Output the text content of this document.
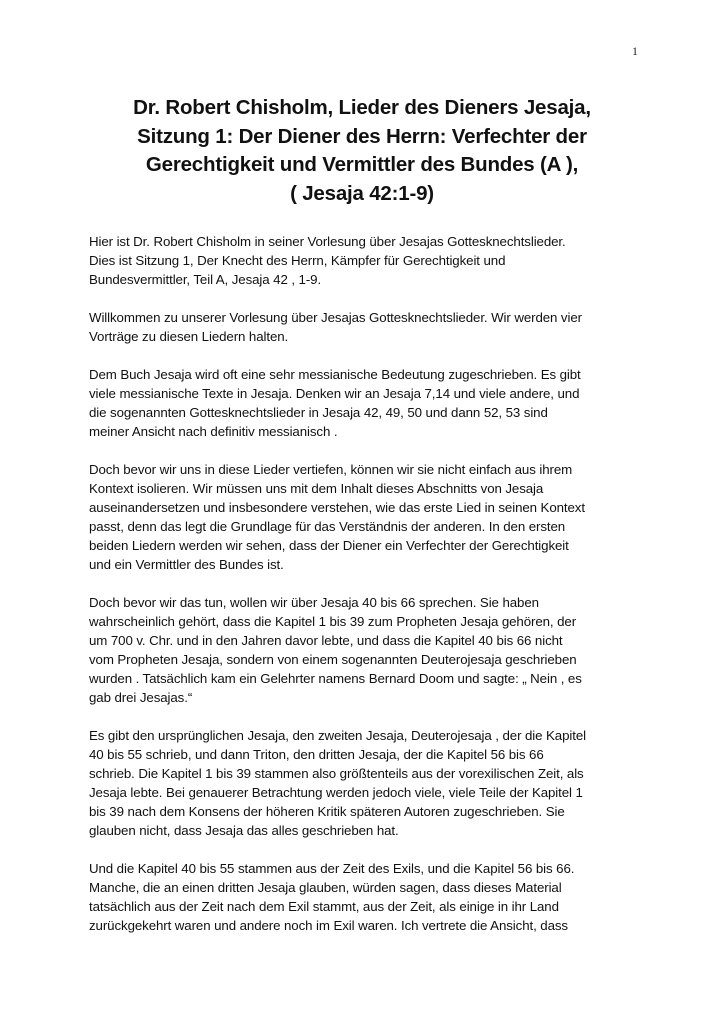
1
Dr. Robert Chisholm, Lieder des Dieners Jesaja,
Sitzung 1: Der Diener des Herrn: Verfechter der
Gerechtigkeit und Vermittler des Bundes (A ),
( Jesaja 42:1-9)

Hier ist Dr. Robert Chisholm in seiner Vorlesung über Jesajas Gottesknechtslieder.
Dies ist Sitzung 1, Der Knecht des Herrn, Kämpfer für Gerechtigkeit und
Bundesvermittler, Teil A, Jesaja 42 , 1-9.

Willkommen zu unserer Vorlesung über Jesajas Gottesknechtslieder. Wir werden vier
Vorträge zu diesen Liedern halten.

Dem Buch Jesaja wird oft eine sehr messianische Bedeutung zugeschrieben. Es gibt
viele messianische Texte in Jesaja. Denken wir an Jesaja 7,14 und viele andere, und
die sogenannten Gottesknechtslieder in Jesaja 42, 49, 50 und dann 52, 53 sind
meiner Ansicht nach definitiv messianisch .

Doch bevor wir uns in diese Lieder vertiefen, können wir sie nicht einfach aus ihrem
Kontext isolieren. Wir müssen uns mit dem Inhalt dieses Abschnitts von Jesaja
auseinandersetzen und insbesondere verstehen, wie das erste Lied in seinen Kontext
passt, denn das legt die Grundlage für das Verständnis der anderen. In den ersten
beiden Liedern werden wir sehen, dass der Diener ein Verfechter der Gerechtigkeit
und ein Vermittler des Bundes ist.

Doch bevor wir das tun, wollen wir über Jesaja 40 bis 66 sprechen. Sie haben
wahrscheinlich gehört, dass die Kapitel 1 bis 39 zum Propheten Jesaja gehören, der
um 700 v. Chr. und in den Jahren davor lebte, und dass die Kapitel 40 bis 66 nicht
vom Propheten Jesaja, sondern von einem sogenannten Deuterojesaja geschrieben
wurden . Tatsächlich kam ein Gelehrter namens Bernard Doom und sagte: „ Nein , es
gab drei Jesajas.“

Es gibt den ursprünglichen Jesaja, den zweiten Jesaja, Deuterojesaja , der die Kapitel
40 bis 55 schrieb, und dann Triton, den dritten Jesaja, der die Kapitel 56 bis 66
schrieb. Die Kapitel 1 bis 39 stammen also größtenteils aus der vorexilischen Zeit, als
Jesaja lebte. Bei genauerer Betrachtung werden jedoch viele, viele Teile der Kapitel 1
bis 39 nach dem Konsens der höheren Kritik späteren Autoren zugeschrieben. Sie
glauben nicht, dass Jesaja das alles geschrieben hat.

Und die Kapitel 40 bis 55 stammen aus der Zeit des Exils, und die Kapitel 56 bis 66.
Manche, die an einen dritten Jesaja glauben, würden sagen, dass dieses Material
tatsächlich aus der Zeit nach dem Exil stammt, aus der Zeit, als einige in ihr Land
zurückgekehrt waren und andere noch im Exil waren. Ich vertrete die Ansicht, dass
